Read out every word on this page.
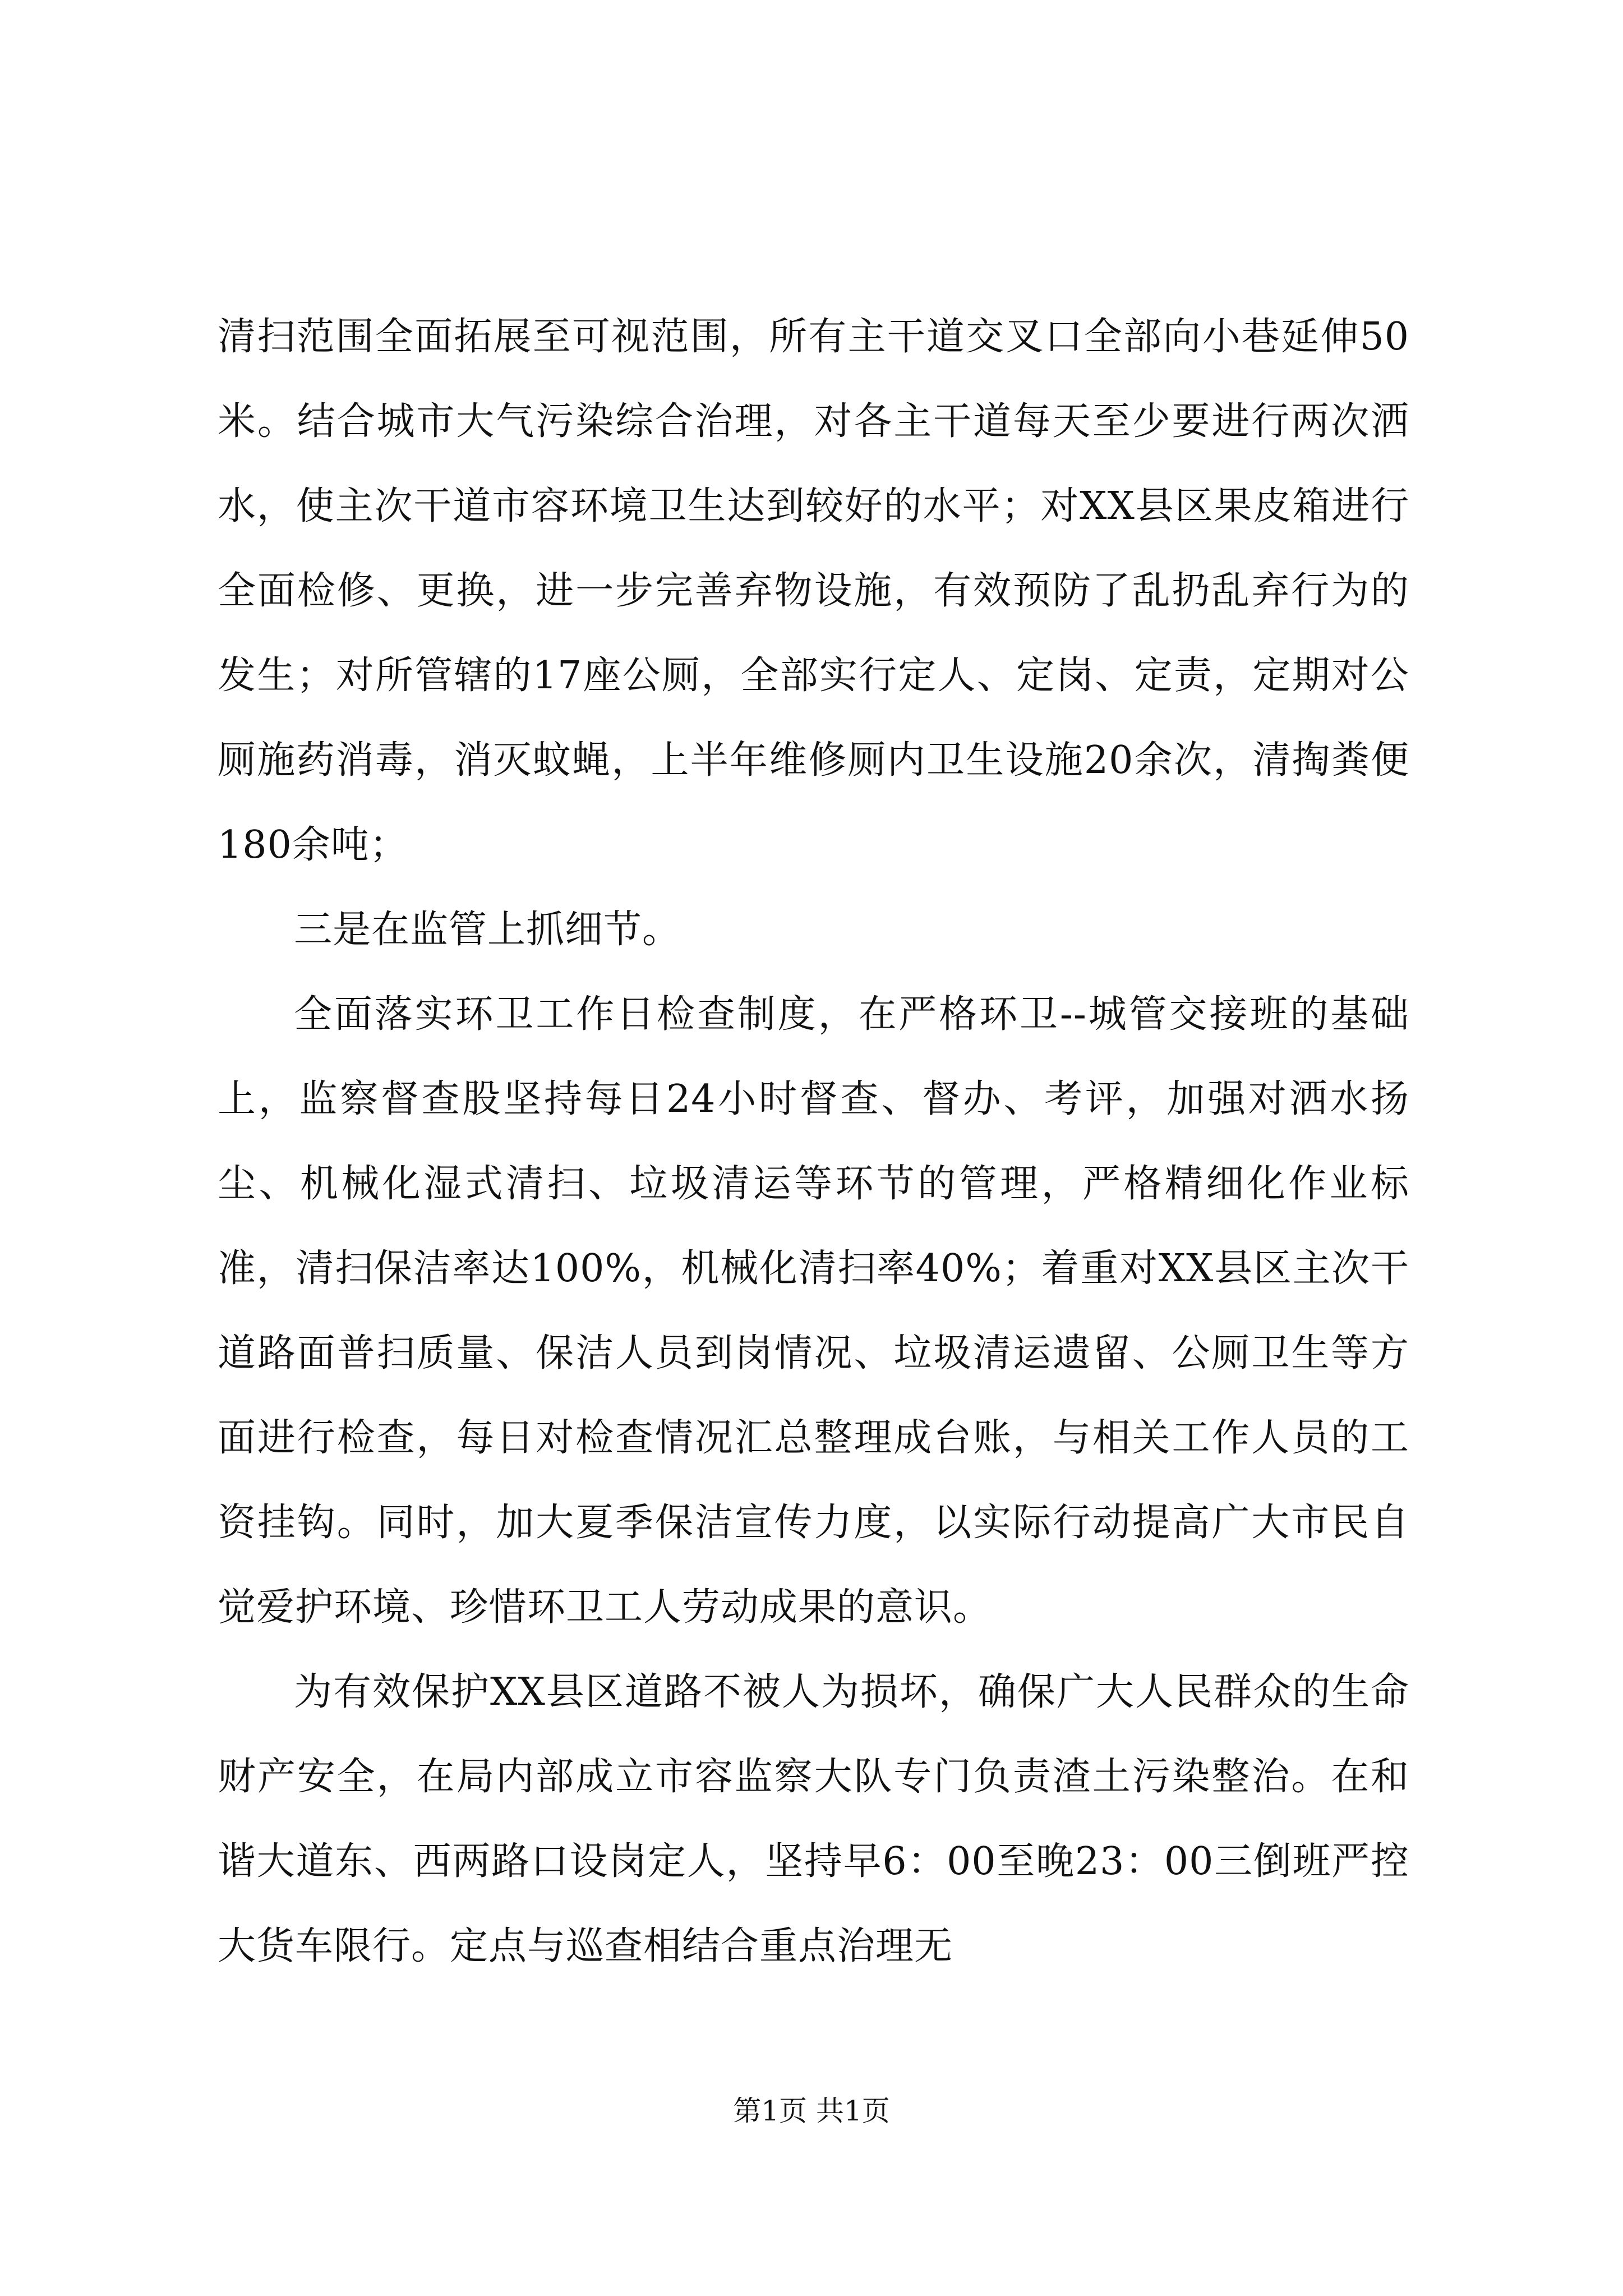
清扫范围全面拓展至可视范围，所有主干道交叉口全部向小巷延伸50米。结合城市大气污染综合治理，对各主干道每天至少要进行两次洒水，使主次干道市容环境卫生达到较好的水平；对XX县区果皮箱进行全面检修、更换，进一步完善弃物设施，有效预防了乱扔乱弃行为的发生；对所管辖的17座公厕，全部实行定人、定岗、定责，定期对公厕施药消毒，消灭蚊蝇，上半年维修厕内卫生设施20余次，清掏粪便180余吨；

三是在监管上抓细节。

全面落实环卫工作日检查制度，在严格环卫--城管交接班的基础上，监察督查股坚持每日24小时督查、督办、考评，加强对洒水扬尘、机械化湿式清扫、垃圾清运等环节的管理，严格精细化作业标准，清扫保洁率达100%，机械化清扫率40%；着重对XX县区主次干道路面普扫质量、保洁人员到岗情况、垃圾清运遗留、公厕卫生等方面进行检查，每日对检查情况汇总整理成台账，与相关工作人员的工资挂钩。同时，加大夏季保洁宣传力度，以实际行动提高广大市民自觉爱护环境、珍惜环卫工人劳动成果的意识。

为有效保护XX县区道路不被人为损坏，确保广大人民群众的生命财产安全，在局内部成立市容监察大队专门负责渣土污染整治。在和谐大道东、西两路口设岗定人，坚持早6：00至晚23：00三倒班严控大货车限行。定点与巡查相结合重点治理无

第1页 共1页
